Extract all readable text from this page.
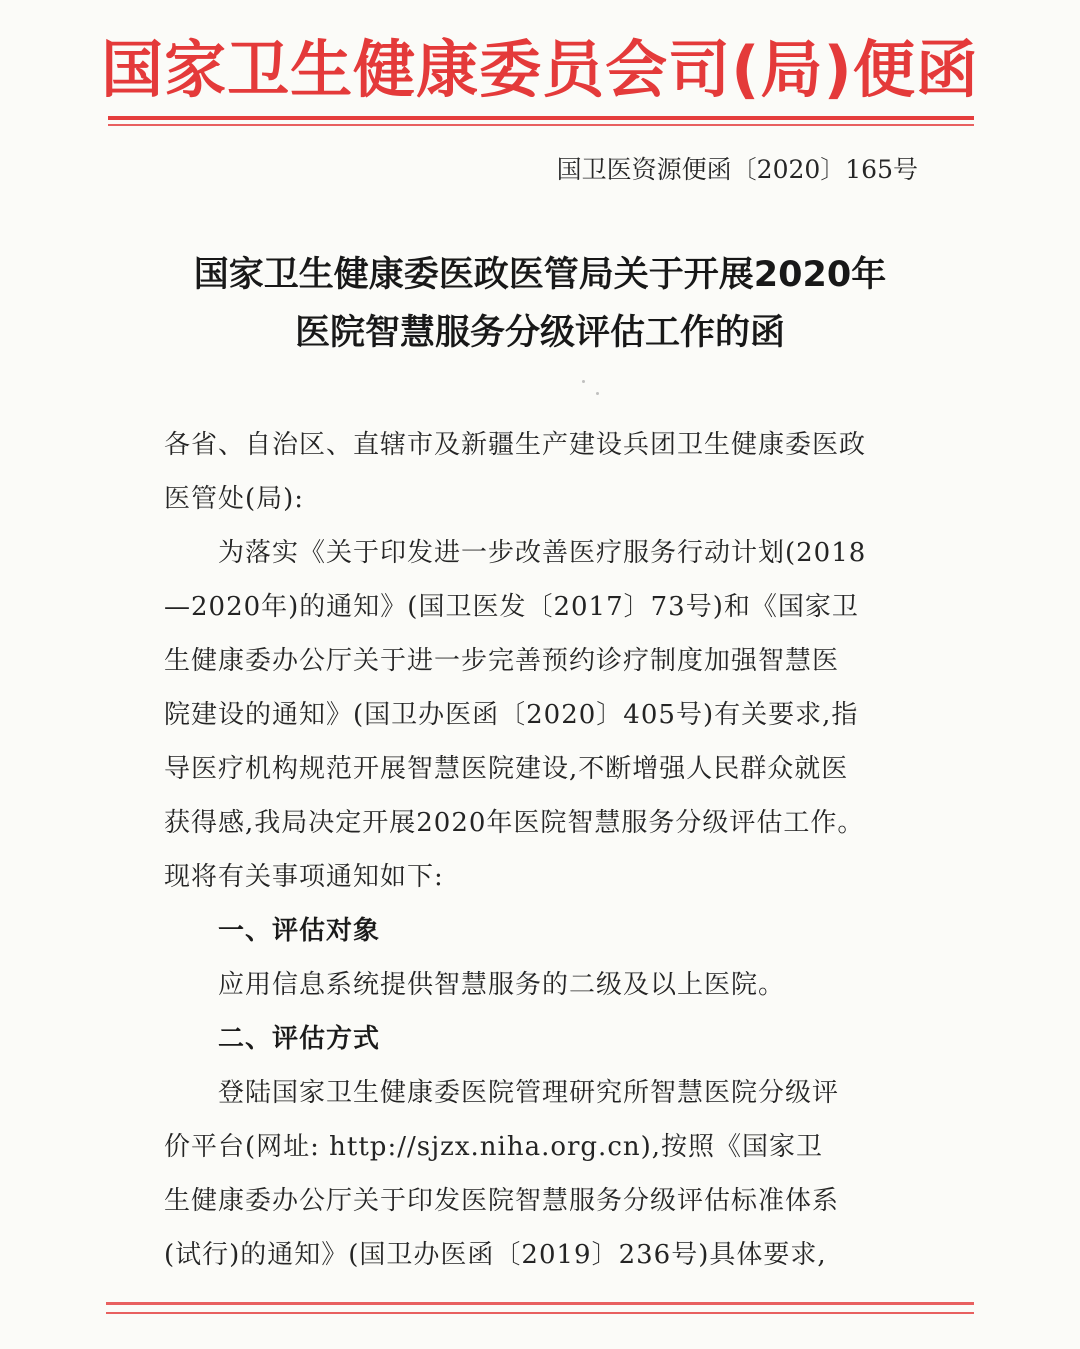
国家卫生健康委员会司(局)便函
国卫医资源便函〔2020〕165号
国家卫生健康委医政医管局关于开展2020年
医院智慧服务分级评估工作的函
各省、自治区、直辖市及新疆生产建设兵团卫生健康委医政
医管处(局):
为落实《关于印发进一步改善医疗服务行动计划(2018
—2020年)的通知》(国卫医发〔2017〕73号)和《国家卫
生健康委办公厅关于进一步完善预约诊疗制度加强智慧医
院建设的通知》(国卫办医函〔2020〕405号)有关要求,指
导医疗机构规范开展智慧医院建设,不断增强人民群众就医
获得感,我局决定开展2020年医院智慧服务分级评估工作。
现将有关事项通知如下:
一、评估对象
应用信息系统提供智慧服务的二级及以上医院。
二、评估方式
登陆国家卫生健康委医院管理研究所智慧医院分级评
价平台(网址: http://sjzx.niha.org.cn),按照《国家卫
生健康委办公厅关于印发医院智慧服务分级评估标准体系
(试行)的通知》(国卫办医函〔2019〕236号)具体要求,
